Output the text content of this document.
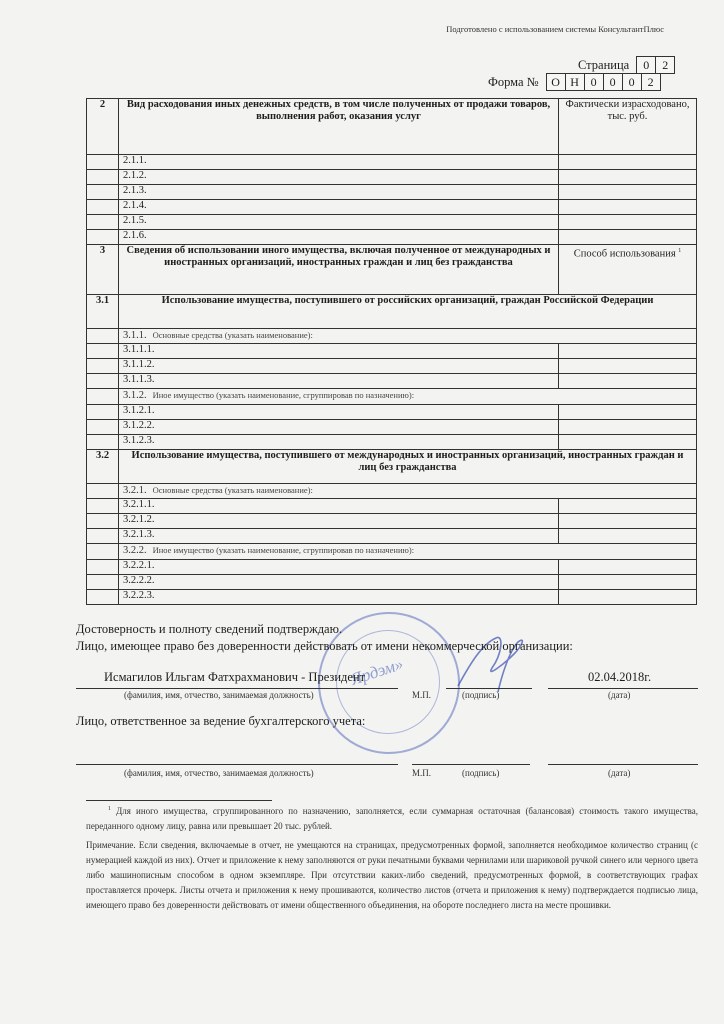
Подготовлено с использованием системы КонсультантПлюс
Страница	0	2
Форма №	О Н 0	0	0	2
2	Вид расходования иных денежных средств, в том числе полученных от продажи товаров, выполнения работ, оказания услуг	Фактически израсходовано, тыс. руб.
	2.1.1.	
	2.1.2.	
	2.1.3.	
	2.1.4.	
	2.1.5.	
	2.1.6.	
3	Сведения об использовании иного имущества, включая полученное от международных и иностранных организаций, иностранных граждан и лиц без гражданства	Способ использования $^1$
3.1	Использование имущества, поступившего от российских организаций, граждан Российской Федерации	
	3.1.1. Основные средства (указать наименование):	
	3.1.1.1.	
	3.1.1.2.	
	3.1.1.3.	
	3.1.2. Иное имущество (указать наименование, сгруппировав по назначению):	
	3.1.2.1.	
	3.1.2.2.	
	3.1.2.3.	
3.2	Использование имущества, поступившего от международных и иностранных организаций, иностранных граждан и лиц без гражданства	
	3.2.1. Основные средства (указать наименование):	
	3.2.1.1.	
	3.2.1.2.	
	3.2.1.3.	
	3.2.2. Иное имущество (указать наименование, сгруппировав по назначению):	
	3.2.2.1.	
	3.2.2.2.	
	3.2.2.3.	
Ярдэм»
Достоверность и полноту сведений подтверждаю.
Лицо, имеющее право без доверенности действовать от имени некоммерческой организации:
Исмагилов Ильгам Фатхрахманович - Президент	02.04.2018г.
(фамилия, имя, отчество, занимаемая должность)	М.П.	(подпись)	(дата)
Лицо, ответственное за ведение бухгалтерского учета:
(фамилия, имя, отчество, занимаемая должность)	М.П.	(подпись)	(дата)
$^1$ Для иного имущества, сгруппированного по назначению, заполняется, если суммарная остаточная (балансовая) стоимость такого имущества, переданного одному лицу, равна или превышает 20 тыс. рублей.
Примечание. Если сведения, включаемые в отчет, не умещаются на страницах, предусмотренных формой, заполняется необходимое количество страниц (с нумерацией каждой из них). Отчет и приложение к нему заполняются от руки печатными буквами чернилами или шариковой ручкой синего или черного цвета либо машинописным способом в одном экземпляре. При отсутствии каких-либо сведений, предусмотренных формой, в соответствующих графах проставляется прочерк. Листы отчета и приложения к нему прошиваются, количество листов (отчета и приложения к нему) подтверждается подписью лица, имеющего право без доверенности действовать от имени общественного объединения, на обороте последнего листа на месте прошивки.
